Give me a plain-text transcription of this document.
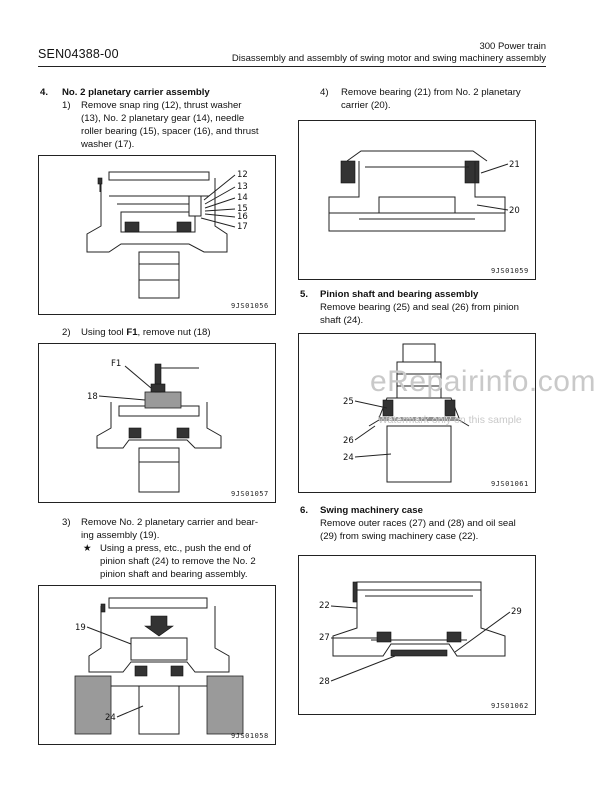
SEN04388-00
300 Power train
Disassembly and assembly of swing motor and swing machinery assembly
4. No. 2 planetary carrier assembly
1) Remove snap ring (12), thrust washer
(13), No. 2 planetary gear (14), needle
roller bearing (15), spacer (16), and thrust
washer (17).
12
13
14
15
16
17
9JS01056
2) Using tool F1, remove nut (18)
F1
18
9JS01057
3) Remove No. 2 planetary carrier and bear-
ing assembly (19).
★ Using a press, etc., push the end of
pinion shaft (24) to remove the No. 2
pinion shaft and bearing assembly.
19
24
9JS01058
4) Remove bearing (21) from No. 2 planetary
carrier (20).
21
20
9JS01059
5. Pinion shaft and bearing assembly
Remove bearing (25) and seal (26) from pinion
shaft (24).
25
26
24
9JS01061
6. Swing machinery case
Remove outer races (27) and (28) and oil seal
(29) from swing machinery case (22).
22
29
27
28
9JS01062
eRepairinfo.com
Watermark only on this sample
